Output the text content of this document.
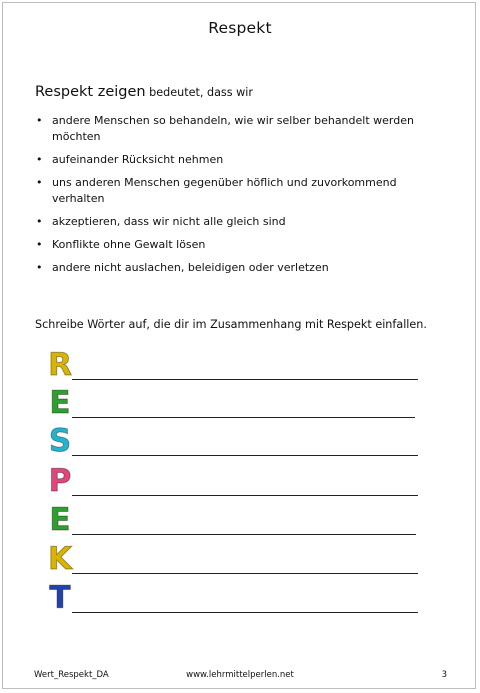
Respekt
Respekt zeigen bedeutet, dass wir
• andere Menschen so behandeln, wie wir selber behandelt werden möchten
• aufeinander Rücksicht nehmen
• uns anderen Menschen gegenüber höflich und zuvorkommend verhalten
• akzeptieren, dass wir nicht alle gleich sind
• Konflikte ohne Gewalt lösen
• andere nicht auslachen, beleidigen oder verletzen
Schreibe Wörter auf, die dir im Zusammenhang mit Respekt einfallen.
R
E
S
P
E
K
T
Wert_Respekt_DA	www.lehrmittelperlen.net	3
